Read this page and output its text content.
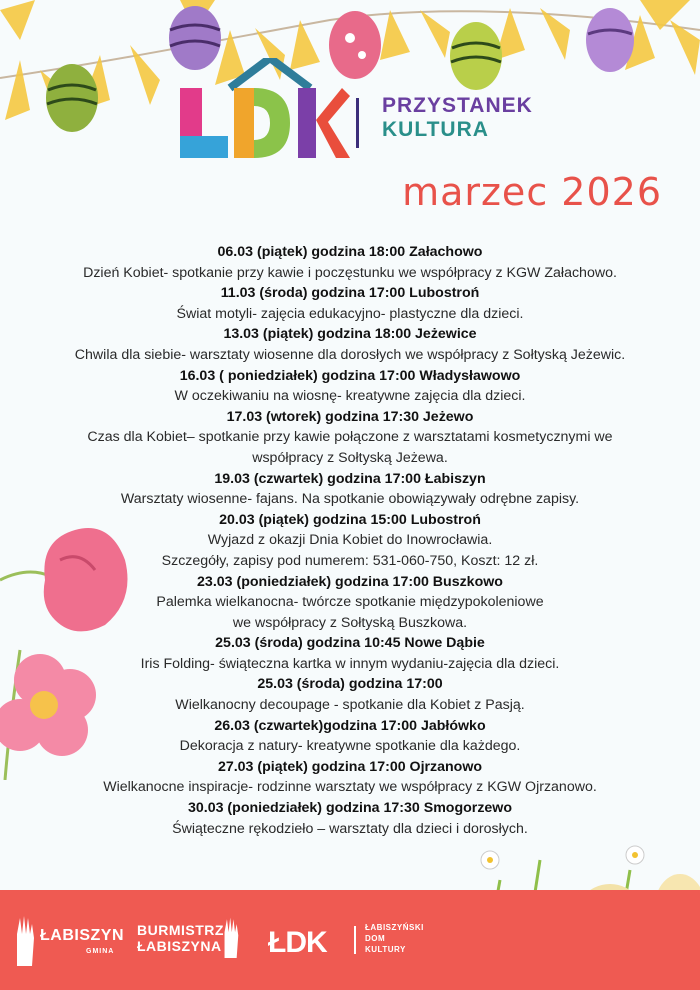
PRZYSTANEK
KULTURA
marzec 2026
06.03 (piątek) godzina 18:00 Załachowo
Dzień Kobiet- spotkanie przy kawie i poczęstunku we współpracy z KGW Załachowo.
11.03 (środa) godzina 17:00 Lubostroń
Świat motyli- zajęcia edukacyjno- plastyczne dla dzieci.
13.03 (piątek) godzina 18:00 Jeżewice
Chwila dla siebie- warsztaty wiosenne dla dorosłych we współpracy z Sołtyską Jeżewic.
16.03 ( poniedziałek) godzina 17:00 Władysławowo
W oczekiwaniu na wiosnę- kreatywne zajęcia dla dzieci.
17.03 (wtorek) godzina 17:30 Jeżewo
Czas dla Kobiet– spotkanie przy kawie połączone z warsztatami kosmetycznymi we
współpracy z Sołtyską Jeżewa.
19.03 (czwartek) godzina 17:00 Łabiszyn
Warsztaty wiosenne- fajans. Na spotkanie obowiązywały odrębne zapisy.
20.03 (piątek) godzina 15:00 Lubostroń
Wyjazd z okazji Dnia Kobiet do Inowrocławia.
Szczegóły, zapisy pod numerem: 531-060-750, Koszt: 12 zł.
23.03 (poniedziałek) godzina 17:00 Buszkowo
Palemka wielkanocna- twórcze spotkanie międzypokoleniowe
we współpracy z Sołtyską Buszkowa.
25.03 (środa) godzina 10:45 Nowe Dąbie
Iris Folding- świąteczna kartka w innym wydaniu-zajęcia dla dzieci.
25.03 (środa) godzina 17:00
Wielkanocny decoupage - spotkanie dla Kobiet z Pasją.
26.03 (czwartek)godzina 17:00 Jabłówko
Dekoracja z natury- kreatywne spotkanie dla każdego.
27.03 (piątek) godzina 17:00 Ojrzanowo
Wielkanocne inspiracje- rodzinne warsztaty we współpracy z KGW Ojrzanowo.
30.03 (poniedziałek) godzina 17:30 Smogorzewo
Świąteczne rękodzieło – warsztaty dla dzieci i dorosłych.
ŁABISZYN
GMINA
BURMISTRZ
ŁABISZYNA ŁDK	ŁABISZYŃSKI
DOM
KULTURY
